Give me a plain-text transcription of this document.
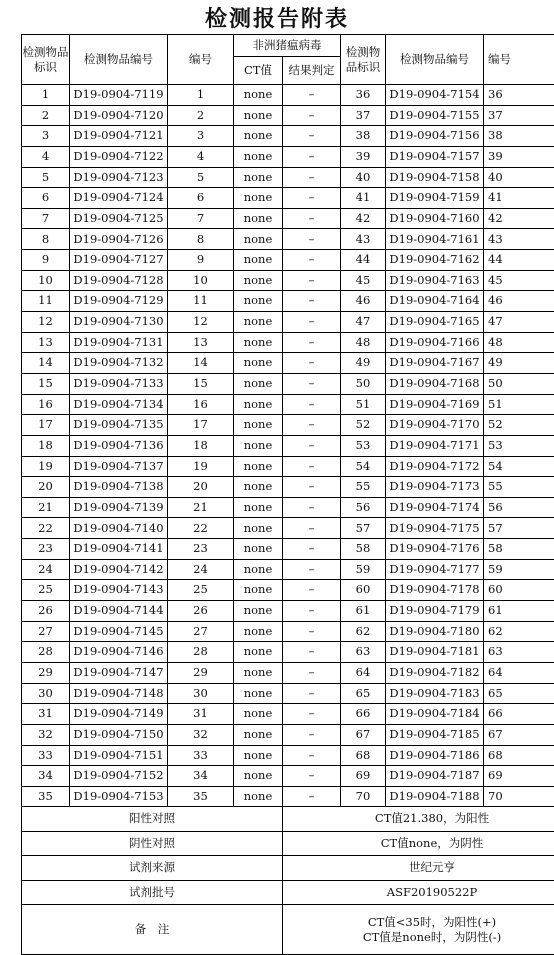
检测报告附表
检测物品标识	检测物品编号	编号	非洲猪瘟病毒		检测物品标识	检测物品编号	编号
			CT值	结果判定			
1	D19-0904-7119	1	none	–	36	D19-0904-7154	36
2	D19-0904-7120	2	none	–	37	D19-0904-7155	37
3	D19-0904-7121	3	none	–	38	D19-0904-7156	38
4	D19-0904-7122	4	none	–	39	D19-0904-7157	39
5	D19-0904-7123	5	none	–	40	D19-0904-7158	40
6	D19-0904-7124	6	none	–	41	D19-0904-7159	41
7	D19-0904-7125	7	none	–	42	D19-0904-7160	42
8	D19-0904-7126	8	none	–	43	D19-0904-7161	43
9	D19-0904-7127	9	none	–	44	D19-0904-7162	44
10	D19-0904-7128	10	none	–	45	D19-0904-7163	45
11	D19-0904-7129	11	none	–	46	D19-0904-7164	46
12	D19-0904-7130	12	none	–	47	D19-0904-7165	47
13	D19-0904-7131	13	none	–	48	D19-0904-7166	48
14	D19-0904-7132	14	none	–	49	D19-0904-7167	49
15	D19-0904-7133	15	none	–	50	D19-0904-7168	50
16	D19-0904-7134	16	none	–	51	D19-0904-7169	51
17	D19-0904-7135	17	none	–	52	D19-0904-7170	52
18	D19-0904-7136	18	none	–	53	D19-0904-7171	53
19	D19-0904-7137	19	none	–	54	D19-0904-7172	54
20	D19-0904-7138	20	none	–	55	D19-0904-7173	55
21	D19-0904-7139	21	none	–	56	D19-0904-7174	56
22	D19-0904-7140	22	none	–	57	D19-0904-7175	57
23	D19-0904-7141	23	none	–	58	D19-0904-7176	58
24	D19-0904-7142	24	none	–	59	D19-0904-7177	59
25	D19-0904-7143	25	none	–	60	D19-0904-7178	60
26	D19-0904-7144	26	none	–	61	D19-0904-7179	61
27	D19-0904-7145	27	none	–	62	D19-0904-7180	62
28	D19-0904-7146	28	none	–	63	D19-0904-7181	63
29	D19-0904-7147	29	none	–	64	D19-0904-7182	64
30	D19-0904-7148	30	none	–	65	D19-0904-7183	65
31	D19-0904-7149	31	none	–	66	D19-0904-7184	66
32	D19-0904-7150	32	none	–	67	D19-0904-7185	67
33	D19-0904-7151	33	none	–	68	D19-0904-7186	68
34	D19-0904-7152	34	none	–	69	D19-0904-7187	69
35	D19-0904-7153	35	none	–	70	D19-0904-7188	70
阳性对照				CT值21.380，为阳性			
阴性对照				CT值none，为阴性			
试剂来源				世纪元亨			
试剂批号				ASF20190522P			
备　注				CT值<35时，为阳性(+)
CT值是none时，为阴性(-)			
